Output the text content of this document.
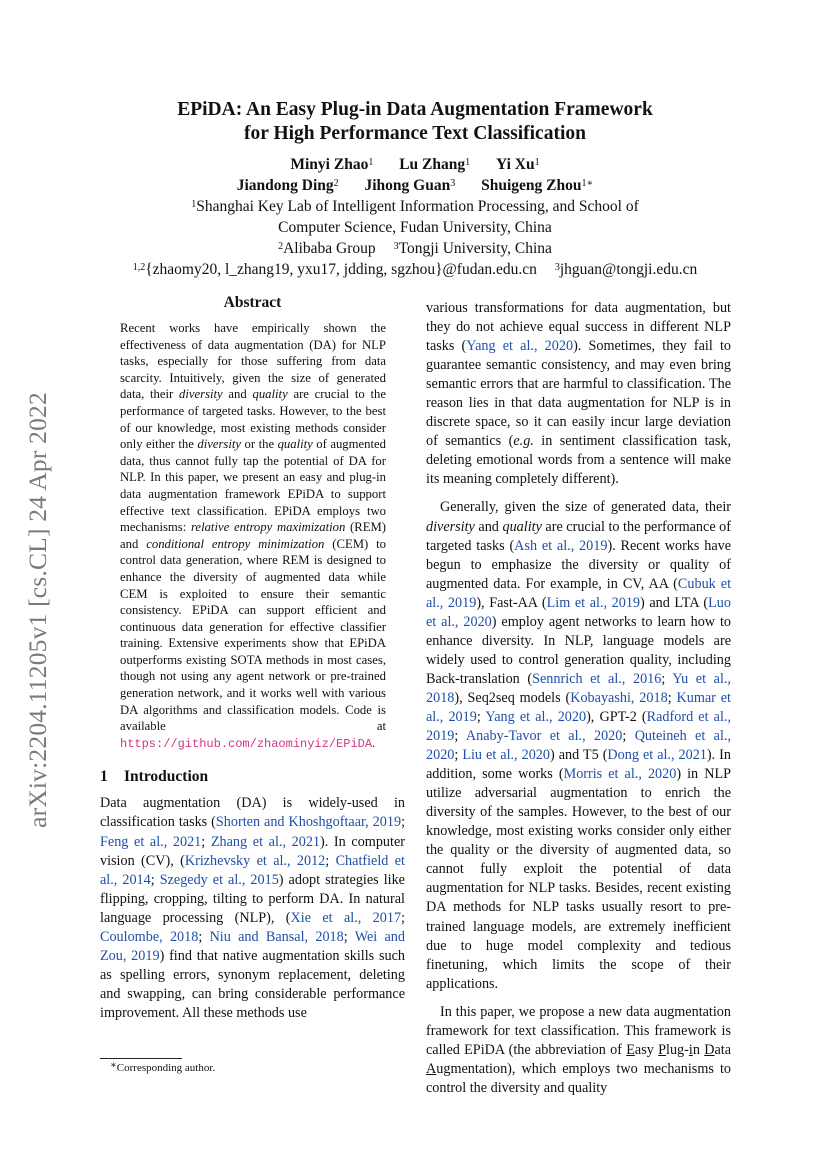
arXiv:2204.11205v1 [cs.CL] 24 Apr 2022
EPiDA: An Easy Plug-in Data Augmentation Framework
for High Performance Text Classification
Minyi Zhao$^1$ Lu Zhang$^1$ Yi Xu$^1$
Jiandong Ding$^2$ Jihong Guan$^3$ Shuigeng Zhou$^{1∗}$
$^1$Shanghai Key Lab of Intelligent Information Processing, and School of
Computer Science, Fudan University, China
$^2$Alibaba Group $^3$Tongji University, China
$^{1,2}${zhaomy20, l_zhang19, yxu17, jdding, sgzhou}@fudan.edu.cn $^3$jhguan@tongji.edu.cn
Abstract

Recent works have empirically shown the effectiveness of data augmentation (DA) for NLP tasks, especially for those suffering from data scarcity. Intuitively, given the size of generated data, their diversity and quality are crucial to the performance of targeted tasks. However, to the best of our knowledge, most existing methods consider only either the diversity or the quality of augmented data, thus cannot fully tap the potential of DA for NLP. In this paper, we present an easy and plug-in data augmentation framework EPiDA to support effective text classification. EPiDA employs two mechanisms: relative entropy maximization (REM) and conditional entropy minimization (CEM) to control data generation, where REM is designed to enhance the diversity of augmented data while CEM is exploited to ensure their semantic consistency. EPiDA can support efficient and continuous data generation for effective classifier training. Extensive experiments show that EPiDA outperforms existing SOTA methods in most cases, though not using any agent network or pre-trained generation network, and it works well with various DA algorithms and classification models. Code is available at https://github.com/zhaominyiz/EPiDA.

1 Introduction

Data augmentation (DA) is widely-used in classification tasks (Shorten and Khoshgoftaar, 2019; Feng et al., 2021; Zhang et al., 2021). In computer vision (CV), (Krizhevsky et al., 2012; Chatfield et al., 2014; Szegedy et al., 2015) adopt strategies like flipping, cropping, tilting to perform DA. In natural language processing (NLP), (Xie et al., 2017; Coulombe, 2018; Niu and Bansal, 2018; Wei and Zou, 2019) find that native augmentation skills such as spelling errors, synonym replacement, deleting and swapping, can bring considerable performance improvement. All these methods use

various transformations for data augmentation, but they do not achieve equal success in different NLP tasks (Yang et al., 2020). Sometimes, they fail to guarantee semantic consistency, and may even bring semantic errors that are harmful to classification. The reason lies in that data augmentation for NLP is in discrete space, so it can easily incur large deviation of semantics (e.g. in sentiment classification task, deleting emotional words from a sentence will make its meaning completely different).

Generally, given the size of generated data, their diversity and quality are crucial to the performance of targeted tasks (Ash et al., 2019). Recent works have begun to emphasize the diversity or quality of augmented data. For example, in CV, AA (Cubuk et al., 2019), Fast-AA (Lim et al., 2019) and LTA (Luo et al., 2020) employ agent networks to learn how to enhance diversity. In NLP, language models are widely used to control generation quality, including Back-translation (Sennrich et al., 2016; Yu et al., 2018), Seq2seq models (Kobayashi, 2018; Kumar et al., 2019; Yang et al., 2020), GPT-2 (Radford et al., 2019; Anaby-Tavor et al., 2020; Quteineh et al., 2020; Liu et al., 2020) and T5 (Dong et al., 2021). In addition, some works (Morris et al., 2020) in NLP utilize adversarial augmentation to enrich the diversity of the samples. However, to the best of our knowledge, most existing works consider only either the quality or the diversity of augmented data, so cannot fully exploit the potential of data augmentation for NLP tasks. Besides, recent existing DA methods for NLP tasks usually resort to pre-trained language models, are extremely inefficient due to huge model complexity and tedious finetuning, which limits the scope of their applications.

In this paper, we propose a new data augmentation framework for text classification. This framework is called EPiDA (the abbreviation of Easy Plug-in Data Augmentation), which employs two mechanisms to control the diversity and quality

∗Corresponding author.
